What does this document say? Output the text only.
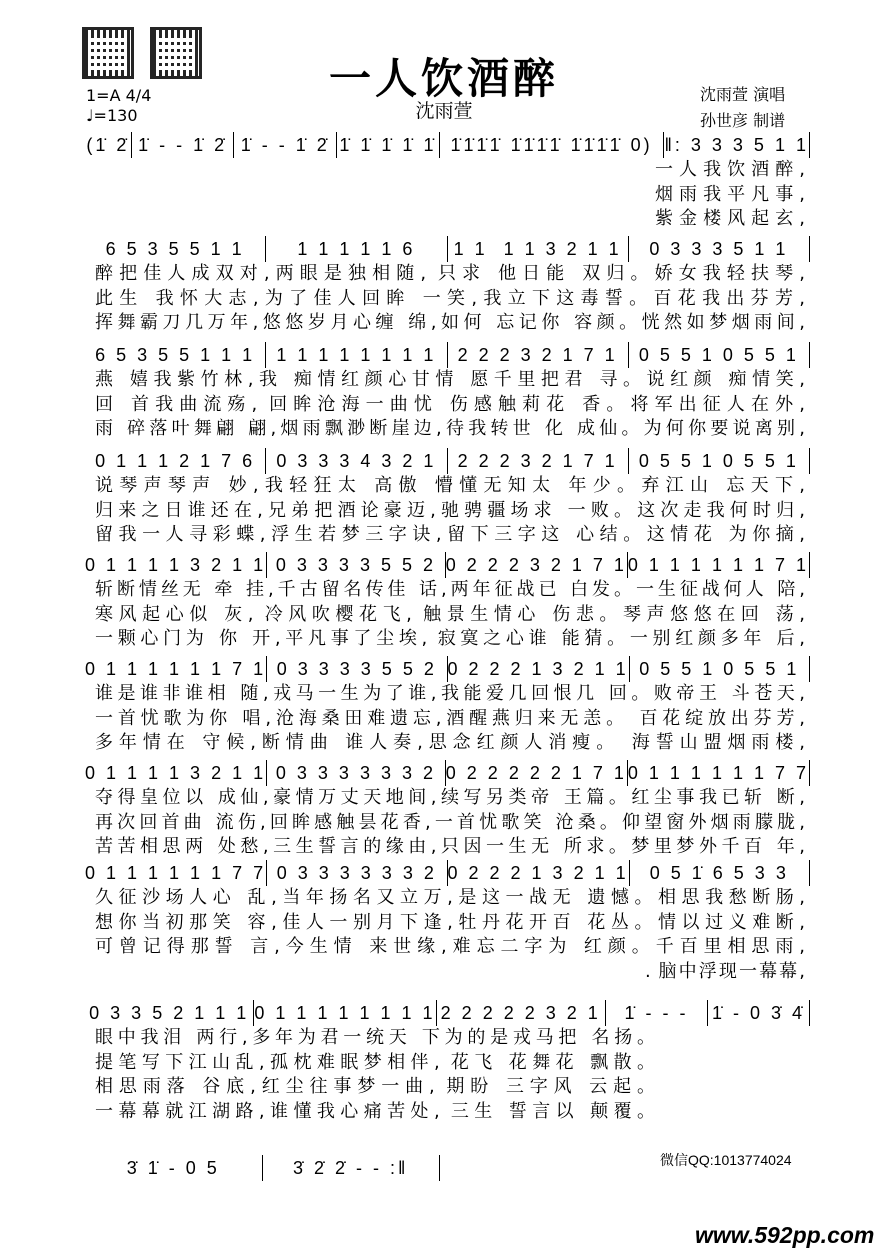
一人饮酒醉
沈雨萱
1=A 4/4
♩=130
沈雨萱 演唱
孙世彦 制谱
(1̇ 2̇ 1̇ - - 1̇ 2̇ 1̇ - - 1̇ 2̇ 1̇ 1̇ 1̇ 1̇ 1̇ 1̇1̇1̇1̇ 1̇1̇1̇1̇ 1̇1̇1̇1̇ 0) ‖: 3 3 3 5 1 1
一人我饮酒醉,
烟雨我平凡事,
紫金楼风起玄,
6 5 3 5 5 1 1	1 1 1 1 1 6	1 1  1 1 3 2 1 1	0 3 3 3 5 1 1
醉把佳人成双对,两眼是独相随, 只求 他日能 双归。娇女我轻扶琴,
此生 我怀大志,为了佳人回眸 一笑,我立下这毒誓。百花我出芬芳,
挥舞霸刀几万年,悠悠岁月心缠 绵,如何 忘记你 容颜。恍然如梦烟雨间,
6 5 3 5 5 1 1 1	1 1 1 1 1 1 1 1	2 2 2 3 2 1 7 1	0 5 5 1 0 5 5 1
燕 嬉我紫竹林,我 痴情红颜心甘情 愿千里把君 寻。说红颜 痴情笑,
回 首我曲流殇, 回眸沧海一曲忧 伤感触莉花 香。将军出征人在外,
雨 碎落叶舞翩 翩,烟雨飘渺断崖边,待我转世 化 成仙。为何你要说离别,
0 1 1 1 2 1 7 6	0 3 3 3 4 3 2 1	2 2 2 3 2 1 7 1	0 5 5 1 0 5 5 1
说琴声琴声 妙,我轻狂太 高傲 懵懂无知太 年少。弃江山 忘天下,
归来之日谁还在,兄弟把酒论豪迈,驰骋疆场求 一败。这次走我何时归,
留我一人寻彩蝶,浮生若梦三字诀,留下三字这 心结。这情花 为你摘,
0 1 1 1 1 3 2 1 1 0 3 3 3 3 5 5 2 0 2 2 2 3 2 1 7 1 0 1 1 1 1 1 1 7 1
斩断情丝无 牵 挂,千古留名传佳 话,两年征战已 白发。一生征战何人 陪,
寒风起心似 灰, 冷风吹樱花飞, 触景生情心 伤悲。琴声悠悠在回 荡,
一颗心门为 你 开,平凡事了尘埃, 寂寞之心谁 能猜。一别红颜多年 后,
0 1 1 1 1 1 1 7 1 0 3 3 3 3 5 5 2 0 2 2 2 1 3 2 1 1 0 5 5 1 0 5 5 1
谁是谁非谁相 随,戎马一生为了谁,我能爱几回恨几 回。败帝王 斗苍天,
一首忧歌为你 唱,沧海桑田难遗忘,酒醒燕归来无恙。 百花绽放出芬芳,
多年情在 守候,断情曲 谁人奏,思念红颜人消瘦。 海誓山盟烟雨楼,
0 1 1 1 1 3 2 1 1 0 3 3 3 3 3 3 2 0 2 2 2 2 2 1 7 1 0 1 1 1 1 1 1 7 7
夺得皇位以 成仙,豪情万丈天地间,续写另类帝 王篇。红尘事我已斩 断,
再次回首曲 流伤,回眸感触昙花香,一首忧歌笑 沧桑。仰望窗外烟雨朦胧,
苦苦相思两 处愁,三生誓言的缘由,只因一生无 所求。梦里梦外千百 年,
0 1 1 1 1 1 1 7 7 0 3 3 3 3 3 3 2 0 2 2 2 1 3 2 1 1	0 5 1̇ 6 5 3 3
久征沙场人心 乱,当年扬名又立万,是这一战无 遗憾。相思我愁断肠,
想你当初那笑 容,佳人一别月下逢,牡丹花开百 花丛。情以过义难断,
可曾记得那誓 言,今生情 来世缘,难忘二字为 红颜。千百里相思雨,
. 脑中浮现一幕幕,
0 3 3 5 2 1 1 1 0 1 1 1 1 1 1 1 1 2 2 2 2 2 3 2 1	1̇ - - -	1̇ - 0 3̇ 4̇
眼中我泪 两行,多年为君一统天 下为的是戎马把 名扬。
提笔写下江山乱,孤枕难眠梦相伴, 花飞 花舞花 飘散。
相思雨落 谷底,红尘往事梦一曲, 期盼 三字风 云起。
一幕幕就江湖路,谁懂我心痛苦处, 三生 誓言以 颠覆。
3̇ 1̇ - 0 5	3̇ 2̇ 2̇ - - :‖	微信QQ:1013774024
www.592pp.com
